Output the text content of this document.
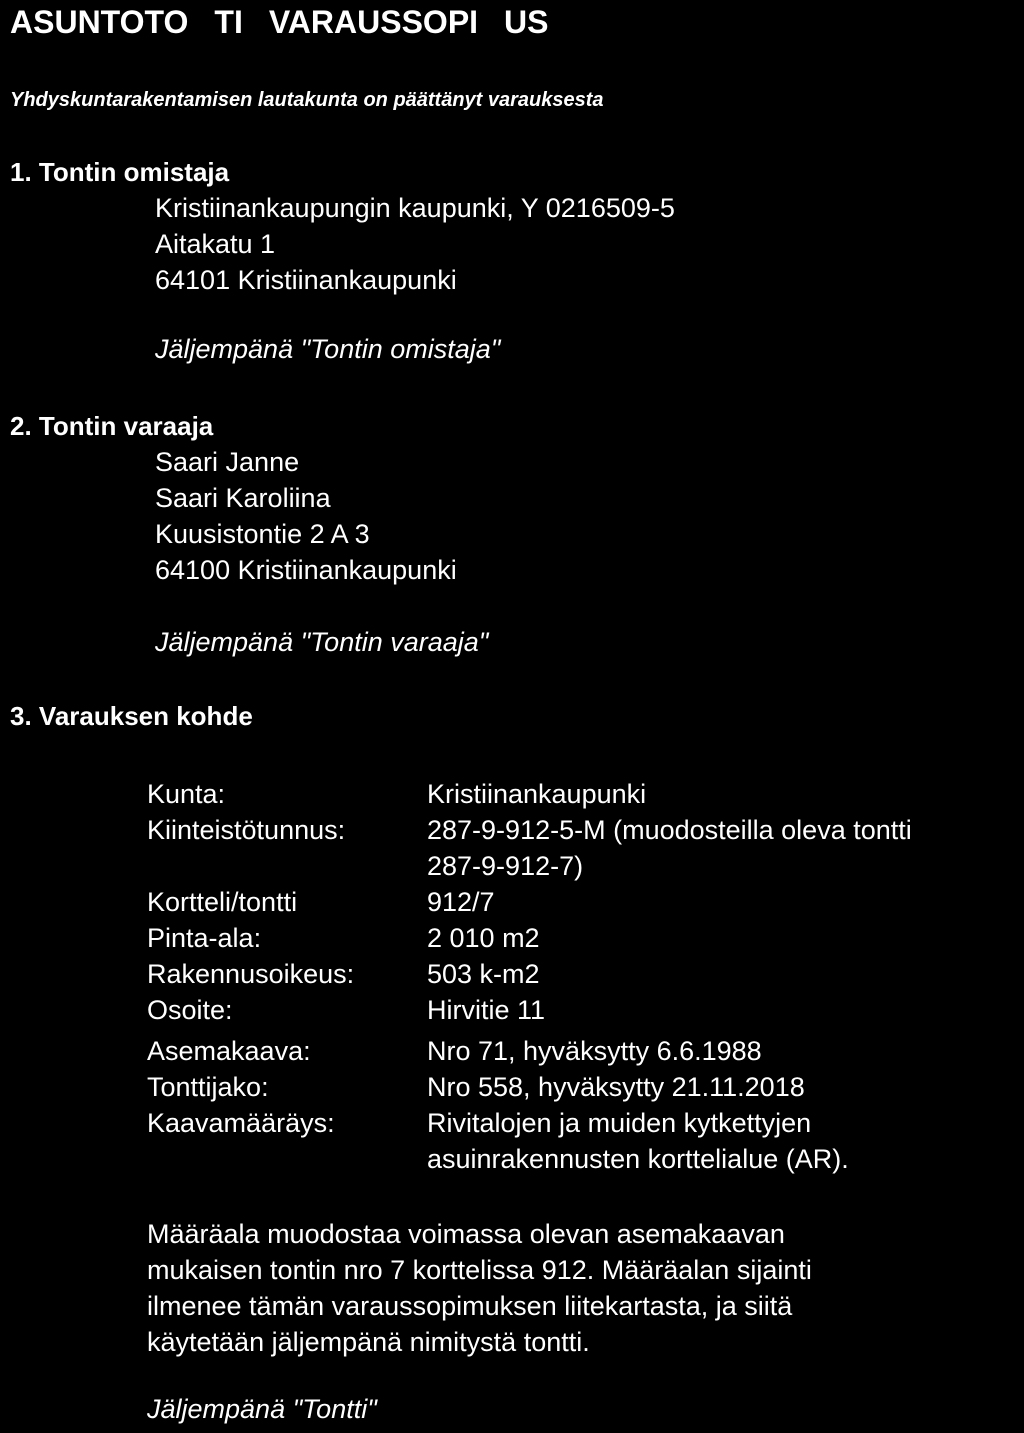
ASUNTOTO TI VARAUSSOPI US
Yhdyskuntarakentamisen lautakunta on päättänyt varauksesta
1. Tontin omistaja
Kristiinankaupungin kaupunki, Y 0216509-5
Aitakatu 1
64101 Kristiinankaupunki
Jäljempänä "Tontin omistaja"
2. Tontin varaaja
Saari Janne
Saari Karoliina
Kuusistontie 2 A 3
64100 Kristiinankaupunki
Jäljempänä "Tontin varaaja"
3. Varauksen kohde
Kunta:	Kristiinankaupunki
Kiinteistötunnus:	287-9-912-5-M (muodosteilla oleva tontti
287-9-912-7)
Kortteli/tontti	912/7
Pinta-ala:	2 010 m2
Rakennusoikeus:	503 k-m2
Osoite:	Hirvitie 11
Asemakaava:	Nro 71, hyväksytty 6.6.1988
Tonttijako:	Nro 558, hyväksytty 21.11.2018
Kaavamääräys:	Rivitalojen ja muiden kytkettyjen
asuinrakennusten korttelialue (AR).
Määräala muodostaa voimassa olevan asemakaavan
mukaisen tontin nro 7 korttelissa 912. Määräalan sijainti
ilmenee tämän varaussopimuksen liitekartasta, ja siitä
käytetään jäljempänä nimitystä tontti.
Jäljempänä "Tontti"
